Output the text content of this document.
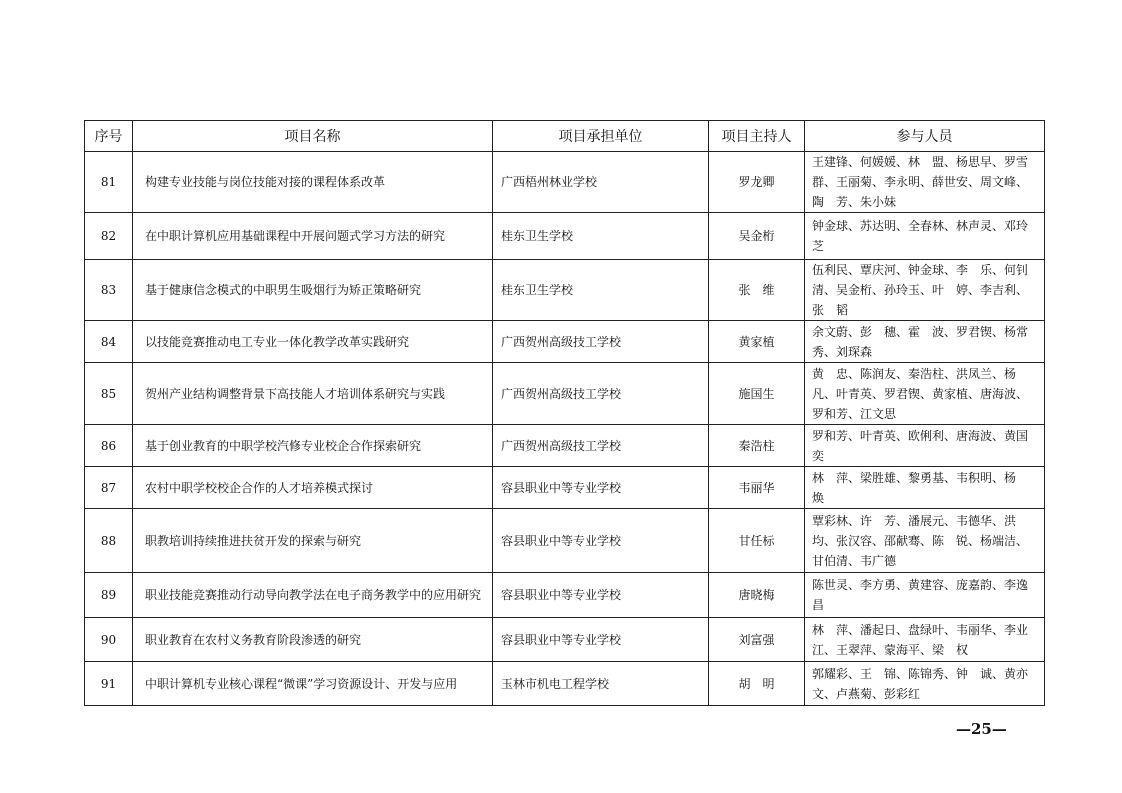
序号	项目名称	项目承担单位	项目主持人	参与人员
81	构建专业技能与岗位技能对接的课程体系改革	广西梧州林业学校	罗龙卿	王建锋、何媛媛、林　盟、杨思早、罗雪群、王丽菊、李永明、薛世安、周文峰、陶　芳、朱小妹
82	在中职计算机应用基础课程中开展问题式学习方法的研究	桂东卫生学校	吴金桁	钟金球、苏达明、全春林、林声灵、邓玲芝
83	基于健康信念模式的中职男生吸烟行为矫正策略研究	桂东卫生学校	张　维	伍利民、覃庆河、钟金球、李　乐、何钊清、吴金桁、孙玲玉、叶　婷、李吉利、张　韬
84	以技能竞赛推动电工专业一体化教学改革实践研究	广西贺州高级技工学校	黄家植	余文蔚、彭　穗、霍　波、罗君锲、杨常秀、刘琛森
85	贺州产业结构调整背景下高技能人才培训体系研究与实践	广西贺州高级技工学校	施国生	黄　忠、陈润友、秦浩柱、洪凤兰、杨　凡、叶青英、罗君锲、黄家植、唐海波、罗和芳、江文思
86	基于创业教育的中职学校汽修专业校企合作探索研究	广西贺州高级技工学校	秦浩柱	罗和芳、叶青英、欧俐利、唐海波、黄国奕
87	农村中职学校校企合作的人才培养模式探讨	容县职业中等专业学校	韦丽华	林　萍、梁胜雄、黎勇基、韦积明、杨　焕
88	职教培训持续推进扶贫开发的探索与研究	容县职业中等专业学校	甘任标	覃彩林、许　芳、潘展元、韦德华、洪　均、张汉容、邵献骞、陈　锐、杨端洁、甘伯清、韦广德
89	职业技能竞赛推动行动导向教学法在电子商务教学中的应用研究	容县职业中等专业学校	唐晓梅	陈世灵、李方勇、黄建容、庞嘉韵、李逸昌
90	职业教育在农村义务教育阶段渗透的研究	容县职业中等专业学校	刘富强	林　萍、潘起日、盘绿叶、韦丽华、李业江、王翠萍、蒙海平、梁　权
91	中职计算机专业核心课程“微课”学习资源设计、开发与应用	玉林市机电工程学校	胡　明	郭耀彩、王　锦、陈锦秀、钟　诚、黄亦文、卢燕菊、彭彩红
—25—
